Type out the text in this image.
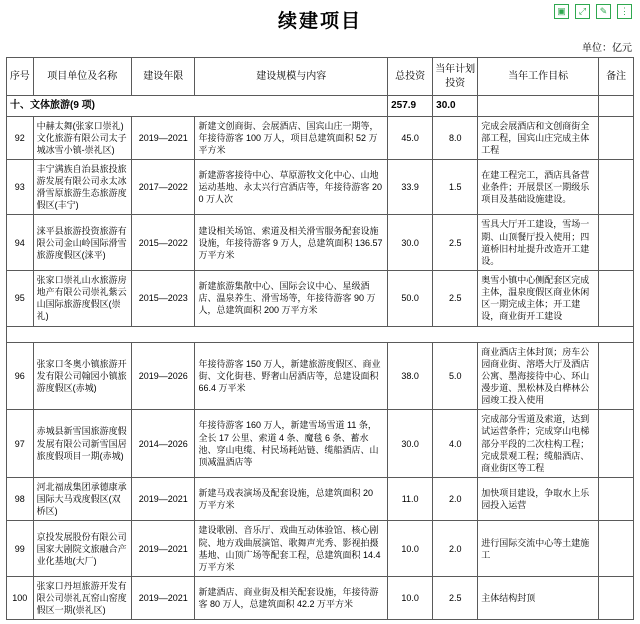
▣	⤢	✎	⋮
续建项目
单位：亿元
序号	项目单位及名称	建设年限	建设规模与内容	总投资	当年计划投资	当年工作目标	备注
十、文体旅游(9 项)				257.9	30.0		
92	中赫太舞(张家口崇礼)文化旅游有限公司太子城冰雪小镇-崇礼区)	2019—2021	新建文创商街、会展酒店、国宾山庄一期等，年接待游客 100 万人，项目总建筑面积 52 万平方米	45.0	8.0	完成会展酒店和文创商街全部工程，国宾山庄完成主体工程	
93	丰宁满族自治县旅投旅游发展有限公司永太冰滑雪原旅游生态旅游度假区(丰宁)	2017—2022	新建游客接待中心、草原游牧文化中心、山地运动基地、永太兴行宫酒店等，年接待游客 200 万人次	33.9	1.5	在建工程完工，酒店具备营业条件；开展景区一期级乐项目及基础设施建设。	
94	涞平县旅游投资旅游有限公司金山岭国际滑雪旅游度假区(涞平)	2015—2022	建设相关场馆、索道及相关滑雪服务配套设施设施，年接待游客 9 万人，总建筑面积 136.57 万平方米	30.0	2.5	雪具大厅开工建设，雪场一期、山顶餐厅投入使用；四道桥旧村址提升改造开工建设。	
95	张家口崇礼山水旅游房地产有限公司崇礼紫云山国际旅游度假区(崇礼)	2015—2023	新建旅游集散中心、国际会议中心、星级酒店、温泉养生、滑雪场等，年接待游客 90 万人，总建筑面积 200 万平方米	50.0	2.5	奥雪小镇中心侧配套区完成主体，温泉度假区商业休闲区一期完成主体；开工建设，商业街开工建设	

96	张家口冬奥小镇旅游开发有限公司翰园小镇旅游度假区(赤城)	2019—2026	年接待游客 150 万人，新建旅游度假区、商业街、文化街巷、野奢山居酒店等，总建设面积 66.4 万平米	38.0	5.0	商业酒店主体封顶；房车公园商业街、溶塔大厅及酒店公寓、墨海接待中心、环山漫步道、黑松林及白桦林公园竣工投入使用	
97	赤城县新雪国旅游度假发展有限公司新雪国居旅度假项目一期(赤城)	2014—2026	年接待游客 160 万人，新建雪场雪道 11 条，全长 17 公里、索道 4 条、魔毯 6 条、蓄水池、穿山电缆、村民场耗站链、缆船酒店、山顶减温酒店等	30.0	4.0	完成部分雪道及索道，达到试运营条件；完成穿山电梯部分平段的二次柱构工程；完成景观工程；缆船酒店、商业街区等工程	
98	河北福成集团承德康承国际大马戏度假区(双桥区)	2019—2021	新建马戏表演场及配套设施，总建筑面积 20 万平方米	11.0	2.0	加快项目建设，争取水上乐园投入运营	
99	京投发展股份有限公司国家大剧院文旅融合产业化基地(大厂)	2019—2021	建设歌剧、音乐厅、戏曲互动体验馆、核心剧院、地方戏曲展演馆、歌舞声光秀、影视拍摄基地、山顶广场等配套工程，总建筑面积 14.4 万平方米	10.0	2.0	进行国际交流中心等土建施工	
100	张家口丹垣旅游开发有限公司崇礼瓦窑山窑度假区一期(崇礼区)	2019—2021	新建酒店、商业街及相关配套设施，年接待游客 80 万人，总建筑面积 42.2 万平方米	10.0	2.5	主体结构封顶	
